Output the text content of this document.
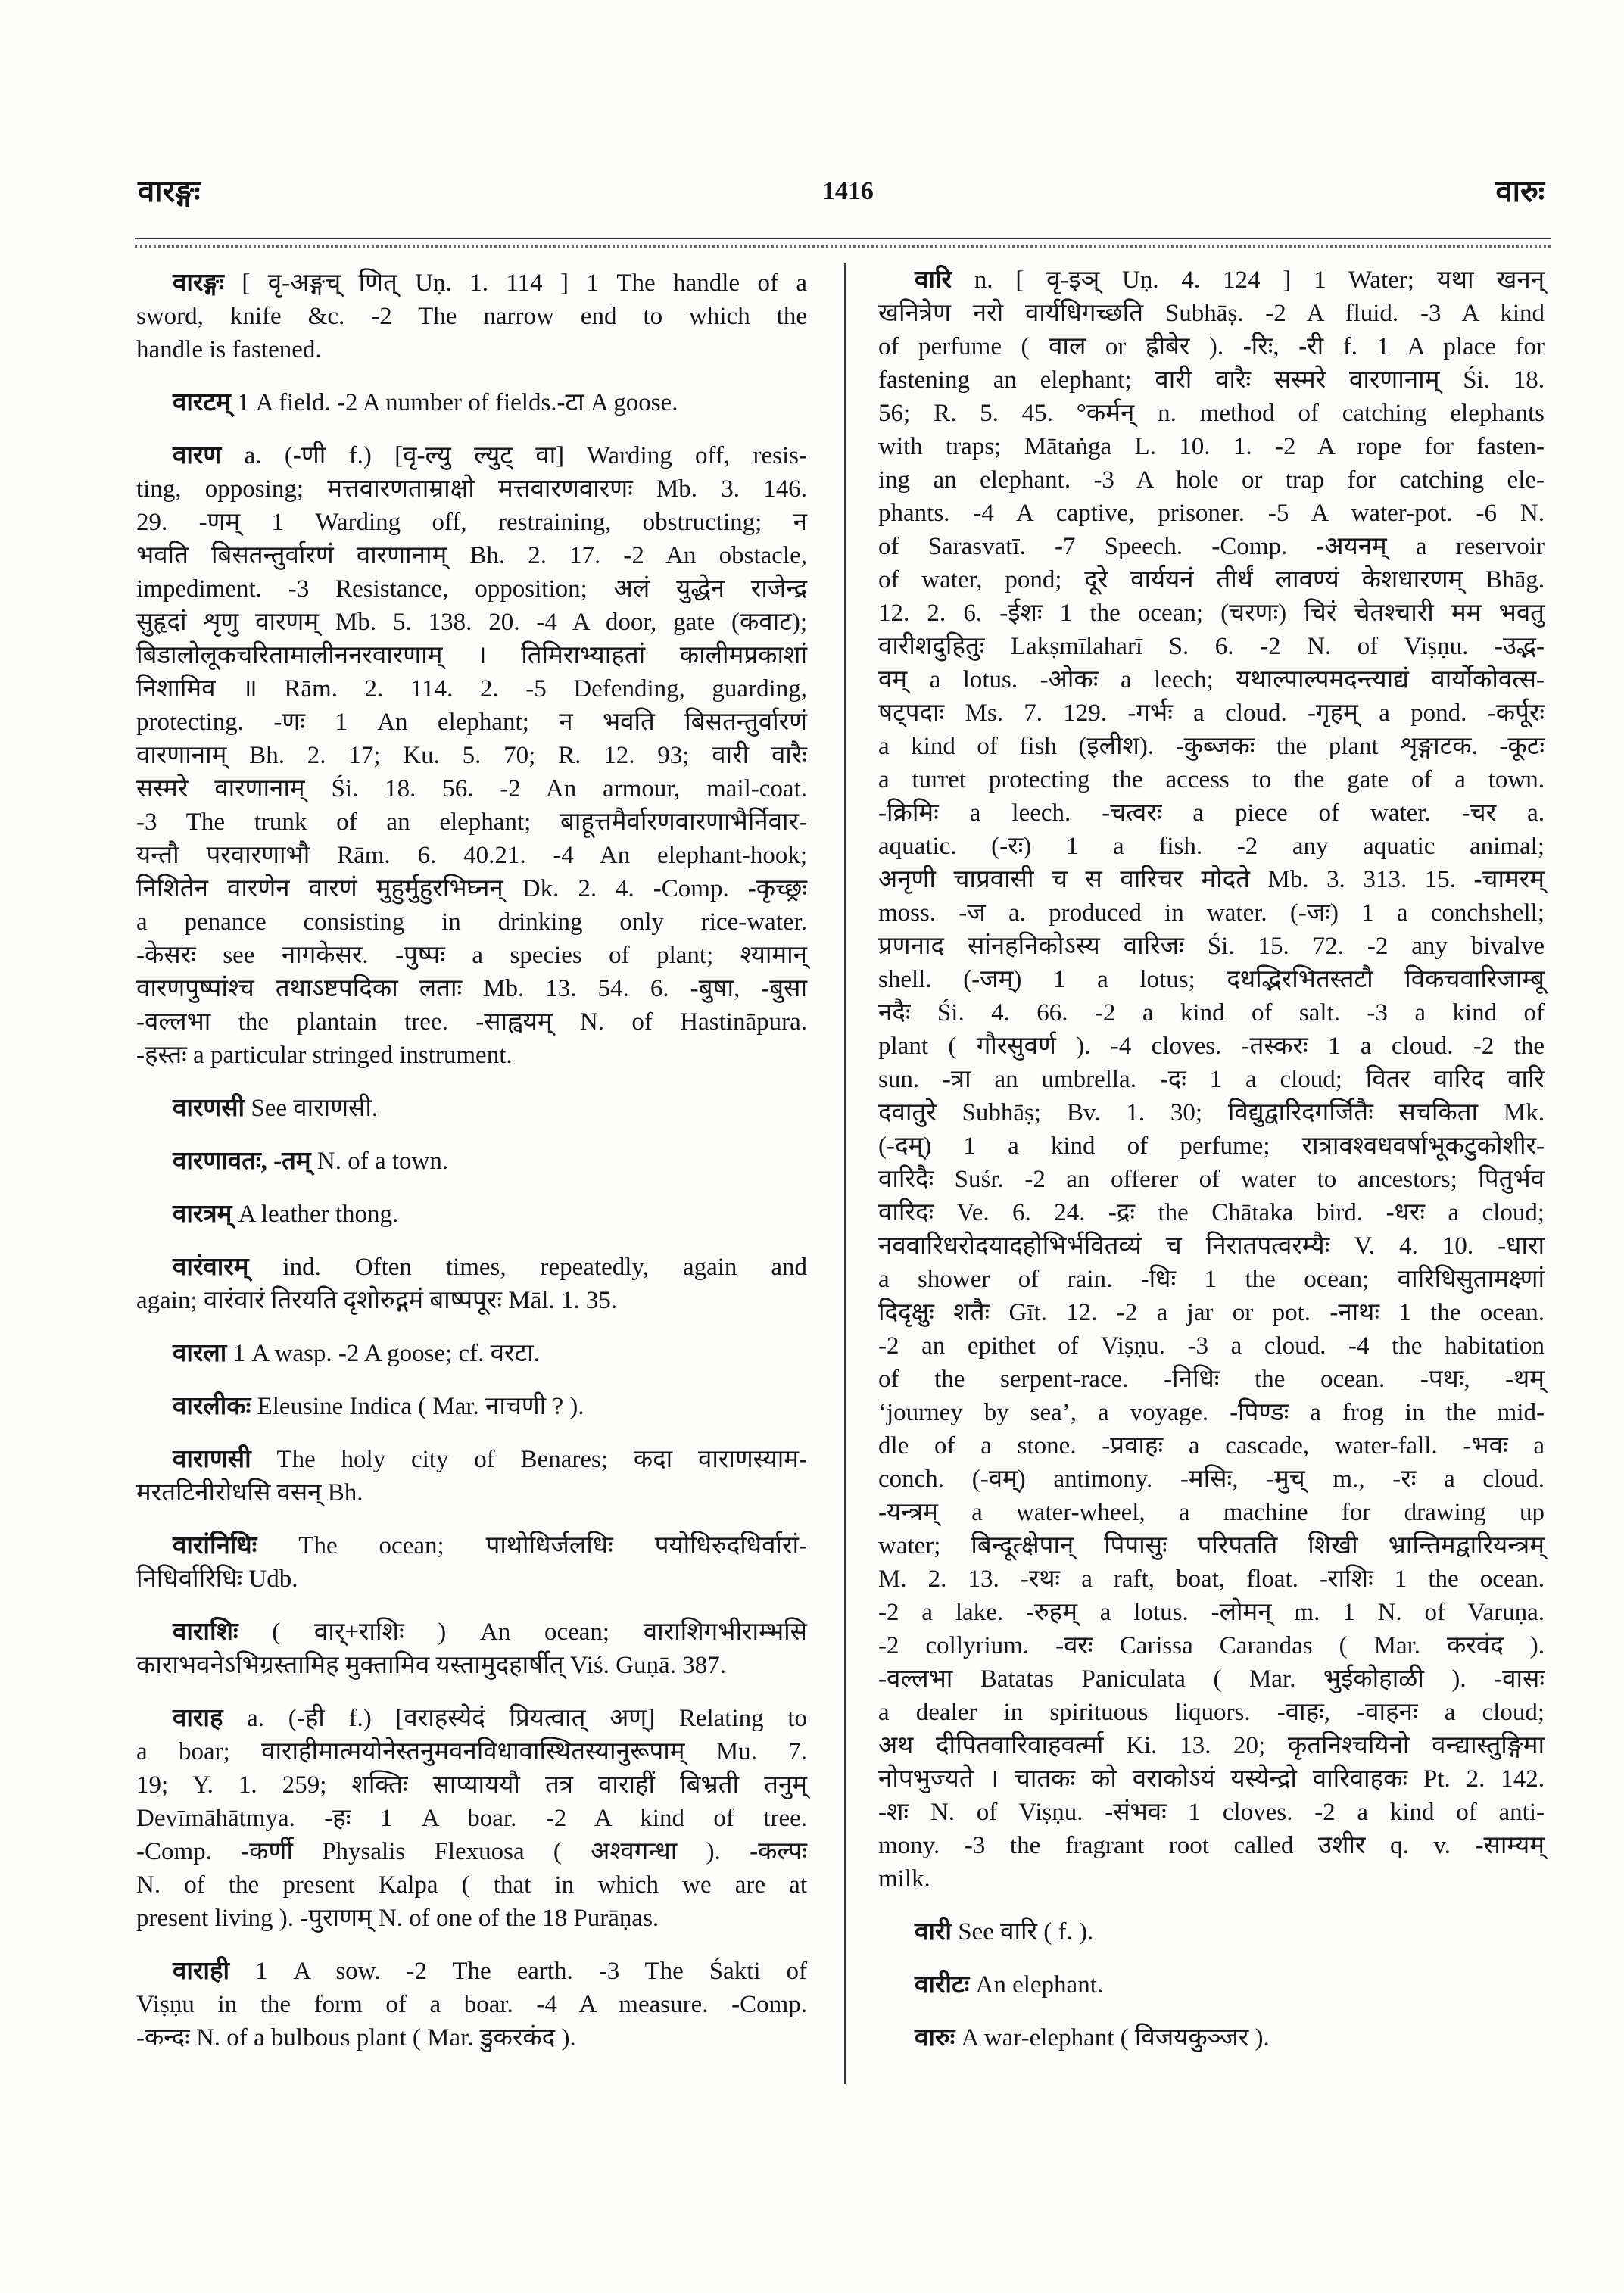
वारङ्गः	1416	वारुः
वारङ्गः [ वृ-अङ्गच् णित् Uṇ. 1. 114 ] 1 The handle of a
sword, knife &c. -2 The narrow end to which the
handle is fastened.
वारटम् 1 A field. -2 A number of fields.-टा A goose.
वारण a. (-णी f.) [वृ-ल्यु ल्युट् वा] Warding off, resis-
ting, opposing; मत्तवारणताम्राक्षो मत्तवारणवारणः Mb. 3. 146.
29. -णम् 1 Warding off, restraining, obstructing; न
भवति बिसतन्तुर्वारणं वारणानाम् Bh. 2. 17. -2 An obstacle,
impediment. -3 Resistance, opposition; अलं युद्धेन राजेन्द्र
सुहृदां शृणु वारणम् Mb. 5. 138. 20. -4 A door, gate (कवाट);
बिडालोलूकचरितामालीननरवारणाम् । तिमिराभ्याहतां कालीमप्रकाशां
निशामिव ॥ Rām. 2. 114. 2. -5 Defending, guarding,
protecting. -णः 1 An elephant; न भवति बिसतन्तुर्वारणं
वारणानाम् Bh. 2. 17; Ku. 5. 70; R. 12. 93; वारी वारैः
सस्मरे वारणानाम् Śi. 18. 56. -2 An armour, mail-coat.
-3 The trunk of an elephant; बाहूत्तमैर्वारणवारणाभैर्निवार-
यन्तौ परवारणाभौ Rām. 6. 40.21. -4 An elephant-hook;
निशितेन वारणेन वारणं मुहुर्मुहुरभिघ्नन् Dk. 2. 4. -Comp. -कृच्छ्रः
a penance consisting in drinking only rice-water.
-केसरः see नागकेसर. -पुष्पः a species of plant; श्यामान्
वारणपुष्पांश्च तथाऽष्टपदिका लताः Mb. 13. 54. 6. -बुषा, -बुसा
-वल्लभा the plantain tree. -साह्वयम् N. of Hastināpura.
-हस्तः a particular stringed instrument.
वारणसी See वाराणसी.
वारणावतः, -तम् N. of a town.
वारत्रम् A leather thong.
वारंवारम् ind. Often times, repeatedly, again and
again; वारंवारं तिरयति दृशोरुद्गमं बाष्पपूरः Māl. 1. 35.
वारला 1 A wasp. -2 A goose; cf. वरटा.
वारलीकः Eleusine Indica ( Mar. नाचणी ? ).
वाराणसी The holy city of Benares; कदा वाराणस्याम-
मरतटिनीरोधसि वसन् Bh.
वारांनिधिः The ocean; पाथोधिर्जलधिः पयोधिरुदधिर्वारां-
निधिर्वारिधिः Udb.
वाराशिः ( वार्+राशिः ) An ocean; वाराशिगभीराम्भसि
काराभवनेऽभिग्रस्तामिह मुक्तामिव यस्तामुदहार्षीत् Viś. Guṇā. 387.
वाराह a. (-ही f.) [वराहस्येदं प्रियत्वात् अण्] Relating to
a boar; वाराहीमात्मयोनेस्तनुमवनविधावास्थितस्यानुरूपाम् Mu. 7.
19; Y. 1. 259; शक्तिः साप्याययौ तत्र वाराहीं बिभ्रती तनुम्
Devīmāhātmya. -हः 1 A boar. -2 A kind of tree.
-Comp. -कर्णी Physalis Flexuosa ( अश्वगन्धा ). -कल्पः
N. of the present Kalpa ( that in which we are at
present living ). -पुराणम् N. of one of the 18 Purāṇas.
वाराही 1 A sow. -2 The earth. -3 The Śakti of
Viṣṇu in the form of a boar. -4 A measure. -Comp.
-कन्दः N. of a bulbous plant ( Mar. डुकरकंद ).
वारि n. [ वृ-इञ् Uṇ. 4. 124 ] 1 Water; यथा खनन्
खनित्रेण नरो वार्यधिगच्छति Subhāṣ. -2 A fluid. -3 A kind
of perfume ( वाल or ह्रीबेर ). -रिः, -री f. 1 A place for
fastening an elephant; वारी वारैः सस्मरे वारणानाम् Śi. 18.
56; R. 5. 45. °कर्मन् n. method of catching elephants
with traps; Mātaṅga L. 10. 1. -2 A rope for fasten-
ing an elephant. -3 A hole or trap for catching ele-
phants. -4 A captive, prisoner. -5 A water-pot. -6 N.
of Sarasvatī. -7 Speech. -Comp. -अयनम् a reservoir
of water, pond; दूरे वार्ययनं तीर्थं लावण्यं केशधारणम् Bhāg.
12. 2. 6. -ईशः 1 the ocean; (चरणः) चिरं चेतश्चारी मम भवतु
वारीशदुहितुः Lakṣmīlaharī S. 6. -2 N. of Viṣṇu. -उद्भ-
वम् a lotus. -ओकः a leech; यथाल्पाल्पमदन्त्याद्यं वार्योकोवत्स-
षट्पदाः Ms. 7. 129. -गर्भः a cloud. -गृहम् a pond. -कर्पूरः
a kind of fish (इलीश). -कुब्जकः the plant शृङ्गाटक. -कूटः
a turret protecting the access to the gate of a town.
-क्रिमिः a leech. -चत्वरः a piece of water. -चर a.
aquatic. (-रः) 1 a fish. -2 any aquatic animal;
अनृणी चाप्रवासी च स वारिचर मोदते Mb. 3. 313. 15. -चामरम्
moss. -ज a. produced in water. (-जः) 1 a conchshell;
प्रणनाद सांनहनिकोऽस्य वारिजः Śi. 15. 72. -2 any bivalve
shell. (-जम्) 1 a lotus; दधद्भिरभितस्तटौ विकचवारिजाम्बू
नदैः Śi. 4. 66. -2 a kind of salt. -3 a kind of
plant ( गौरसुवर्ण ). -4 cloves. -तस्करः 1 a cloud. -2 the
sun. -त्रा an umbrella. -दः 1 a cloud; वितर वारिद वारि
दवातुरे Subhāṣ; Bv. 1. 30; विद्युद्वारिदगर्जितैः सचकिता Mk.
(-दम्) 1 a kind of perfume; रात्रावश्वधवर्षाभूकटुकोशीर-
वारिदैः Suśr. -2 an offerer of water to ancestors; पितुर्भव
वारिदः Ve. 6. 24. -द्रः the Chātaka bird. -धरः a cloud;
नववारिधरोदयादहोभिर्भवितव्यं च निरातपत्वरम्यैः V. 4. 10. -धारा
a shower of rain. -धिः 1 the ocean; वारिधिसुतामक्ष्णां
दिदृक्षुः शतैः Gīt. 12. -2 a jar or pot. -नाथः 1 the ocean.
-2 an epithet of Viṣṇu. -3 a cloud. -4 the habitation
of the serpent-race. -निधिः the ocean. -पथः, -थम्
‘journey by sea’, a voyage. -पिण्डः a frog in the mid-
dle of a stone. -प्रवाहः a cascade, water-fall. -भवः a
conch. (-वम्) antimony. -मसिः, -मुच् m., -रः a cloud.
-यन्त्रम् a water-wheel, a machine for drawing up
water; बिन्दूत्क्षेपान् पिपासुः परिपतति शिखी भ्रान्तिमद्वारियन्त्रम्
M. 2. 13. -रथः a raft, boat, float. -राशिः 1 the ocean.
-2 a lake. -रुहम् a lotus. -लोमन् m. 1 N. of Varuṇa.
-2 collyrium. -वरः Carissa Carandas ( Mar. करवंद ).
-वल्लभा Batatas Paniculata ( Mar. भुईकोहाळी ). -वासः
a dealer in spirituous liquors. -वाहः, -वाहनः a cloud;
अथ दीपितवारिवाहवर्त्मा Ki. 13. 20; कृतनिश्चयिनो वन्द्यास्तुङ्गिमा
नोपभुज्यते । चातकः को वराकोऽयं यस्येन्द्रो वारिवाहकः Pt. 2. 142.
-शः N. of Viṣṇu. -संभवः 1 cloves. -2 a kind of anti-
mony. -3 the fragrant root called उशीर q. v. -साम्यम्
milk.
वारी See वारि ( f. ).
वारीटः An elephant.
वारुः A war-elephant ( विजयकुञ्जर ).
